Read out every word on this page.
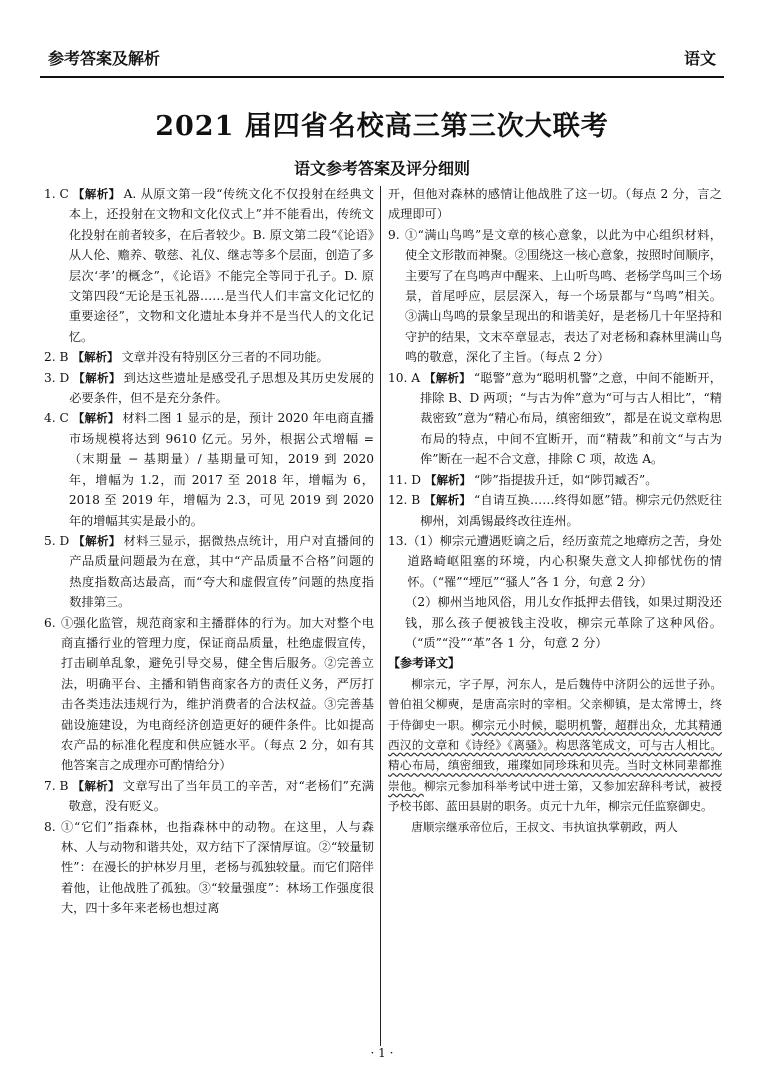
参考答案及解析	语文
2021 届四省名校高三第三次大联考
语文参考答案及评分细则
1. C 【解析】 A. 从原文第一段“传统文化不仅投射在经典文本上，还投射在文物和文化仪式上”并不能看出，传统文化投射在前者较多，在后者较少。B. 原文第二段“《论语》从人伦、赡养、敬慈、礼仪、继志等多个层面，创造了多层次‘孝’的概念”，《论语》不能完全等同于孔子。D. 原文第四段“无论是玉礼器……是当代人们丰富文化记忆的重要途径”，文物和文化遗址本身并不是当代人的文化记忆。
2. B 【解析】 文章并没有特别区分三者的不同功能。
3. D 【解析】 到达这些遗址是感受孔子思想及其历史发展的必要条件，但不是充分条件。
4. C 【解析】 材料二图 1 显示的是，预计 2020 年电商直播市场规模将达到 9610 亿元。另外，根据公式增幅 =（末期量 − 基期量）/ 基期量可知，2019 到 2020 年，增幅为 1.2，而 2017 至 2018 年，增幅为 6，2018 至 2019 年，增幅为 2.3，可见 2019 到 2020 年的增幅其实是最小的。
5. D 【解析】 材料三显示，据微热点统计，用户对直播间的产品质量问题最为在意，其中“产品质量不合格”问题的热度指数高达最高，而“夸大和虚假宣传”问题的热度指数排第三。
6. ①强化监管，规范商家和主播群体的行为。加大对整个电商直播行业的管理力度，保证商品质量，杜绝虚假宣传，打击刷单乱象，避免引导交易，健全售后服务。②完善立法，明确平台、主播和销售商家各方的责任义务，严厉打击各类违法违规行为，维护消费者的合法权益。③完善基础设施建设，为电商经济创造更好的硬件条件。比如提高农产品的标准化程度和供应链水平。（每点 2 分，如有其他答案言之成理亦可酌情给分）
7. B 【解析】 文章写出了当年员工的辛苦，对“老杨们”充满敬意，没有贬义。
8. ①“它们”指森林，也指森林中的动物。在这里，人与森林、人与动物和谐共处，双方结下了深情厚谊。②“较量韧性”：在漫长的护林岁月里，老杨与孤独较量。而它们陪伴着他，让他战胜了孤独。③“较量强度”：林场工作强度很大，四十多年来老杨也想过离
开，但他对森林的感情让他战胜了这一切。（每点 2 分，言之成理即可）
9. ①“满山鸟鸣”是文章的核心意象，以此为中心组织材料，使全文形散而神聚。②围绕这一核心意象，按照时间顺序，主要写了在鸟鸣声中醒来、上山听鸟鸣、老杨学鸟叫三个场景，首尾呼应，层层深入，每一个场景都与“鸟鸣”相关。③满山鸟鸣的景象呈现出的和谐美好，是老杨几十年坚持和守护的结果，文末卒章显志，表达了对老杨和森林里满山鸟鸣的敬意，深化了主旨。（每点 2 分）
10. A 【解析】 “聪警”意为“聪明机警”之意，中间不能断开，排除 B、D 两项；“与古为侔”意为“可与古人相比”，“精裁密致”意为“精心布局，缜密细致”，都是在说文章构思布局的特点，中间不宜断开，而“精裁”和前文“与古为侔”断在一起不合文意，排除 C 项，故选 A。
11. D 【解析】 “陟”指提拔升迁，如“陟罚臧否”。
12. B 【解析】 “自请互换……终得如愿”错。柳宗元仍然贬往柳州，刘禹锡最终改往连州。
13. （1）柳宗元遭遇贬谪之后，经历蛮荒之地瘴疠之苦，身处道路崎岖阻塞的环境，内心积聚失意文人抑郁忧伤的情怀。（“罹”“堙厄”“骚人”各 1 分，句意 2 分）
（2）柳州当地风俗，用儿女作抵押去借钱，如果过期没还钱，那么孩子便被钱主没收，柳宗元革除了这种风俗。（“质”“没”“革”各 1 分，句意 2 分）
【参考译文】
柳宗元，字子厚，河东人，是后魏侍中济阴公的远世子孙。曾伯祖父柳奭，是唐高宗时的宰相。父亲柳镇，是太常博士，终于侍御史一职。柳宗元小时候，聪明机警，超群出众，尤其精通西汉的文章和《诗经》《离骚》。构思落笔成文，可与古人相比。精心布局，缜密细致，璀璨如同珍珠和贝壳。当时文林同辈都推崇他。柳宗元参加科举考试中进士第，又参加宏辞科考试，被授予校书郎、蓝田县尉的职务。贞元十九年，柳宗元任监察御史。
唐顺宗继承帝位后，王叔文、韦执谊执掌朝政，两人
· 1 ·
